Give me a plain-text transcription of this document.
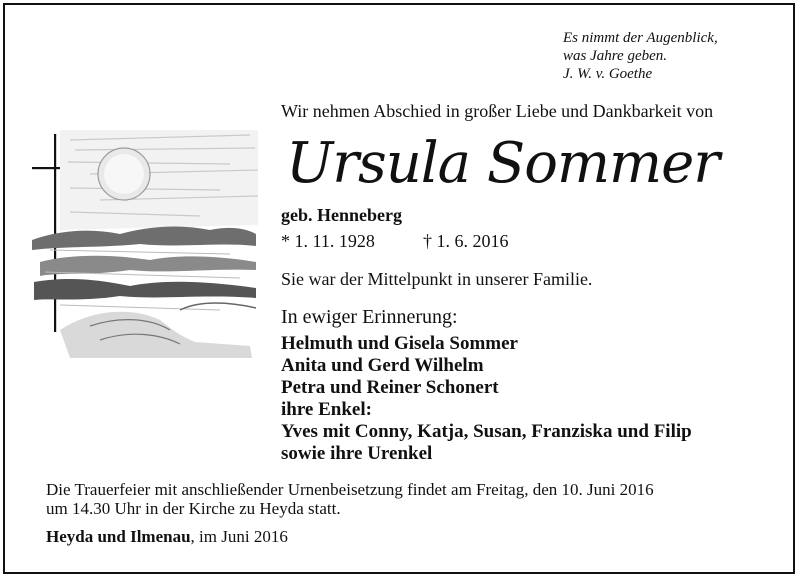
Es nimmt der Augenblick,
was Jahre geben.
J. W. v. Goethe
Wir nehmen Abschied in großer Liebe und Dankbarkeit von
Ursula Sommer
geb. Henneberg
* 1. 11. 1928	† 1. 6. 2016
Sie war der Mittelpunkt in unserer Familie.
In ewiger Erinnerung:
Helmuth und Gisela Sommer
Anita und Gerd Wilhelm
Petra und Reiner Schonert
ihre Enkel:
Yves mit Conny, Katja, Susan, Franziska und Filip
sowie ihre Urenkel
Die Trauerfeier mit anschließender Urnenbeisetzung findet am Freitag, den 10. Juni 2016
um 14.30 Uhr in der Kirche zu Heyda statt.
Heyda und Ilmenau, im Juni 2016
